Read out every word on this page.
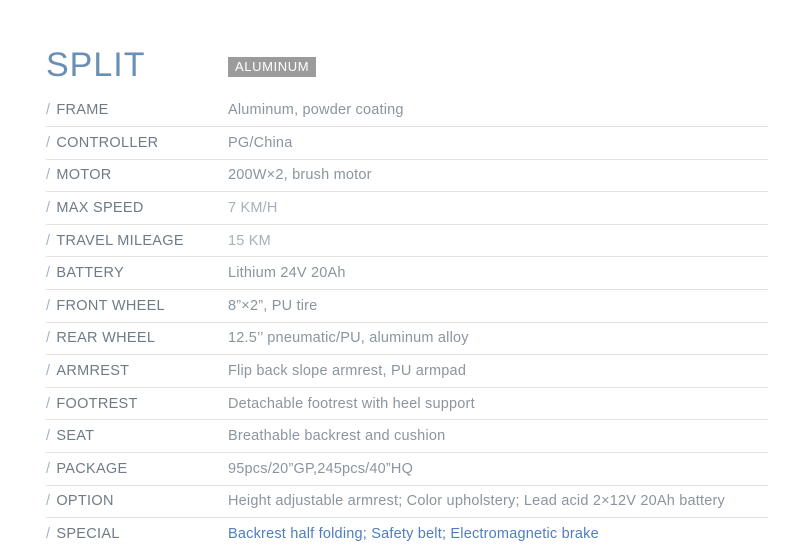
SPLIT	ALUMINUM
/ FRAME	Aluminum, powder coating
/ CONTROLLER	PG/China
/ MOTOR	200W×2, brush motor
/ MAX SPEED	7 KM/H
/ TRAVEL MILEAGE	15 KM
/ BATTERY	Lithium 24V 20Ah
/ FRONT WHEEL	8”×2”, PU tire
/ REAR WHEEL	12.5’’ pneumatic/PU, aluminum alloy
/ ARMREST	Flip back slope armrest, PU armpad
/ FOOTREST	Detachable footrest with heel support
/ SEAT	Breathable backrest and cushion
/ PACKAGE	95pcs/20”GP,245pcs/40”HQ
/ OPTION	Height adjustable armrest; Color upholstery; Lead acid 2×12V 20Ah battery
/ SPECIAL	Backrest half folding; Safety belt; Electromagnetic brake
